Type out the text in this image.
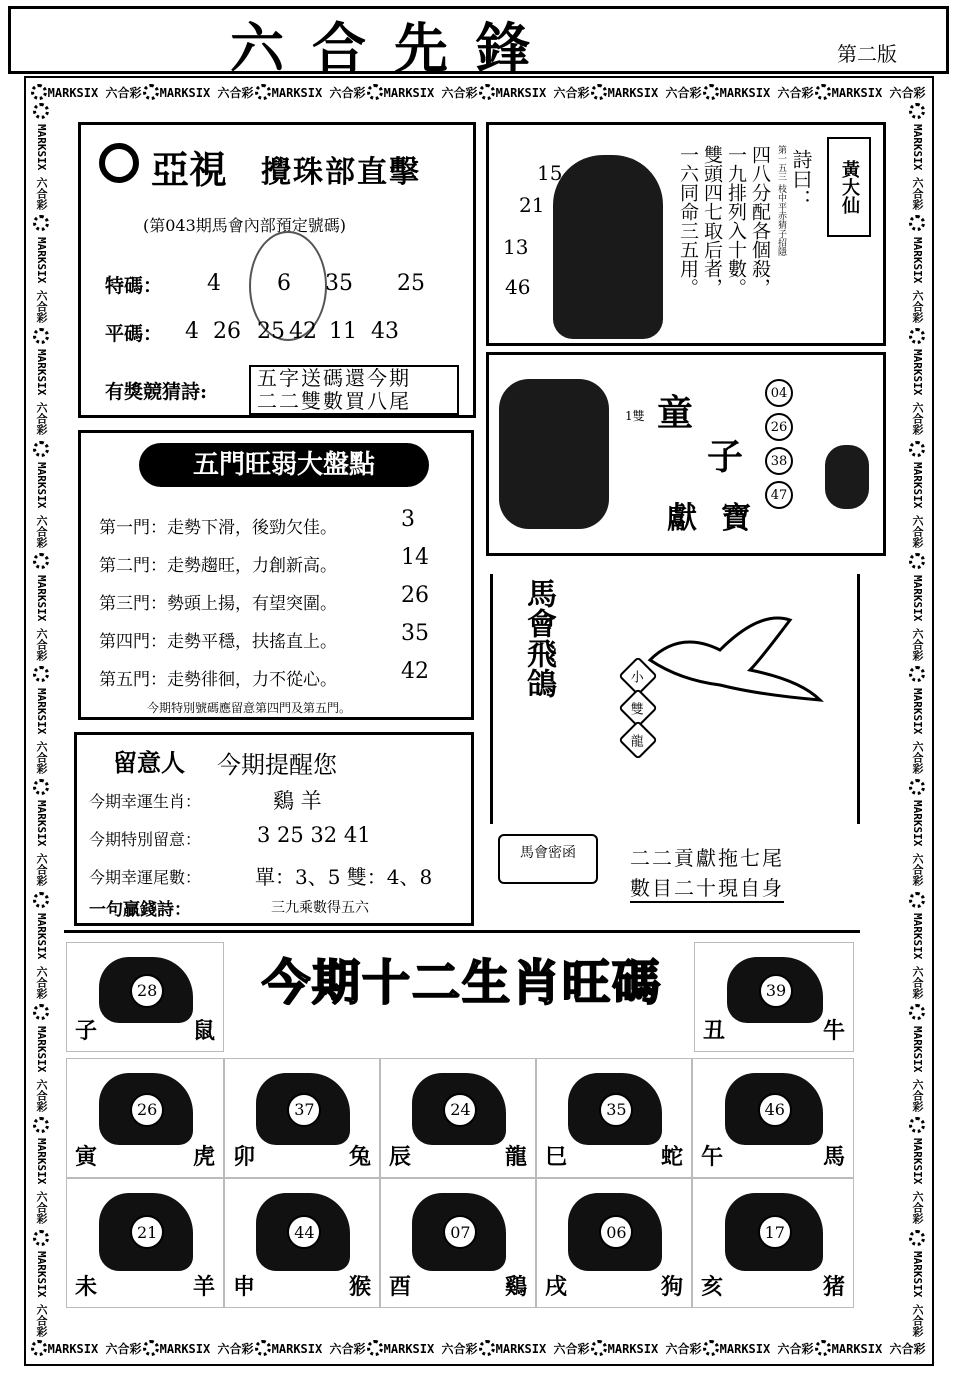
六合先鋒	第二版
MARKSIX 六合彩 MARKSIX 六合彩 MARKSIX 六合彩 MARKSIX 六合彩 MARKSIX 六合彩 MARKSIX 六合彩 MARKSIX 六合彩 MARKSIX 六合彩
MARKSIX 六合彩 MARKSIX 六合彩 MARKSIX 六合彩 MARKSIX 六合彩 MARKSIX 六合彩 MARKSIX 六合彩 MARKSIX 六合彩 MARKSIX 六合彩
MARKSIX 六合彩
MARKSIX 六合彩
MARKSIX 六合彩
MARKSIX 六合彩
MARKSIX 六合彩
MARKSIX 六合彩
MARKSIX 六合彩
MARKSIX 六合彩
MARKSIX 六合彩
MARKSIX 六合彩
MARKSIX 六合彩
MARKSIX 六合彩
MARKSIX 六合彩
MARKSIX 六合彩
MARKSIX 六合彩
MARKSIX 六合彩
MARKSIX 六合彩
MARKSIX 六合彩
MARKSIX 六合彩
MARKSIX 六合彩
MARKSIX 六合彩
MARKSIX 六合彩
亞視 攪珠部直擊
(第043期馬會內部預定號碼)
特碼： 4	6 35 25
平碼： 4 26 25 42 11 43
有獎競猜詩:
五字送碼還今期
二二雙數買八尾
15
21
13
46	一六同命三五用。 雙頭四七取后者， 一九排列入十數。 四八分配各個殺， 第一五三 枝中平赤猜子招隱 詩曰：	黃大仙
1雙 童
子
獻 寶
04
26
38
47
馬會飛鴿	小
雙
龍
馬會密函	二二貢獻拖七尾
數目二十現自身
五門旺弱大盤點
第一門：走勢下滑，後勁欠佳。	3
第二門：走勢趨旺，力創新高。	14
第三門：勢頭上揚，有望突圍。	26
第四門：走勢平穩，扶搖直上。	35
第五門：走勢徘徊，力不從心。	42
今期特別號碼應留意第四門及第五門。
留意人 今期提醒您
今期幸運生肖：	鷄 羊
今期特別留意：	3 25 32 41
今期幸運尾數：	單：3、5 雙：4、8
一句贏錢詩：	三九乘數得五六
今期十二生肖旺碼
28
子	鼠
39
丑	牛
26
寅	虎
37
卯	兔
24
辰	龍
35
巳	蛇
46
午	馬
21
未	羊
44
申	猴
07
酉	鷄
06
戌	狗
17
亥	猪
